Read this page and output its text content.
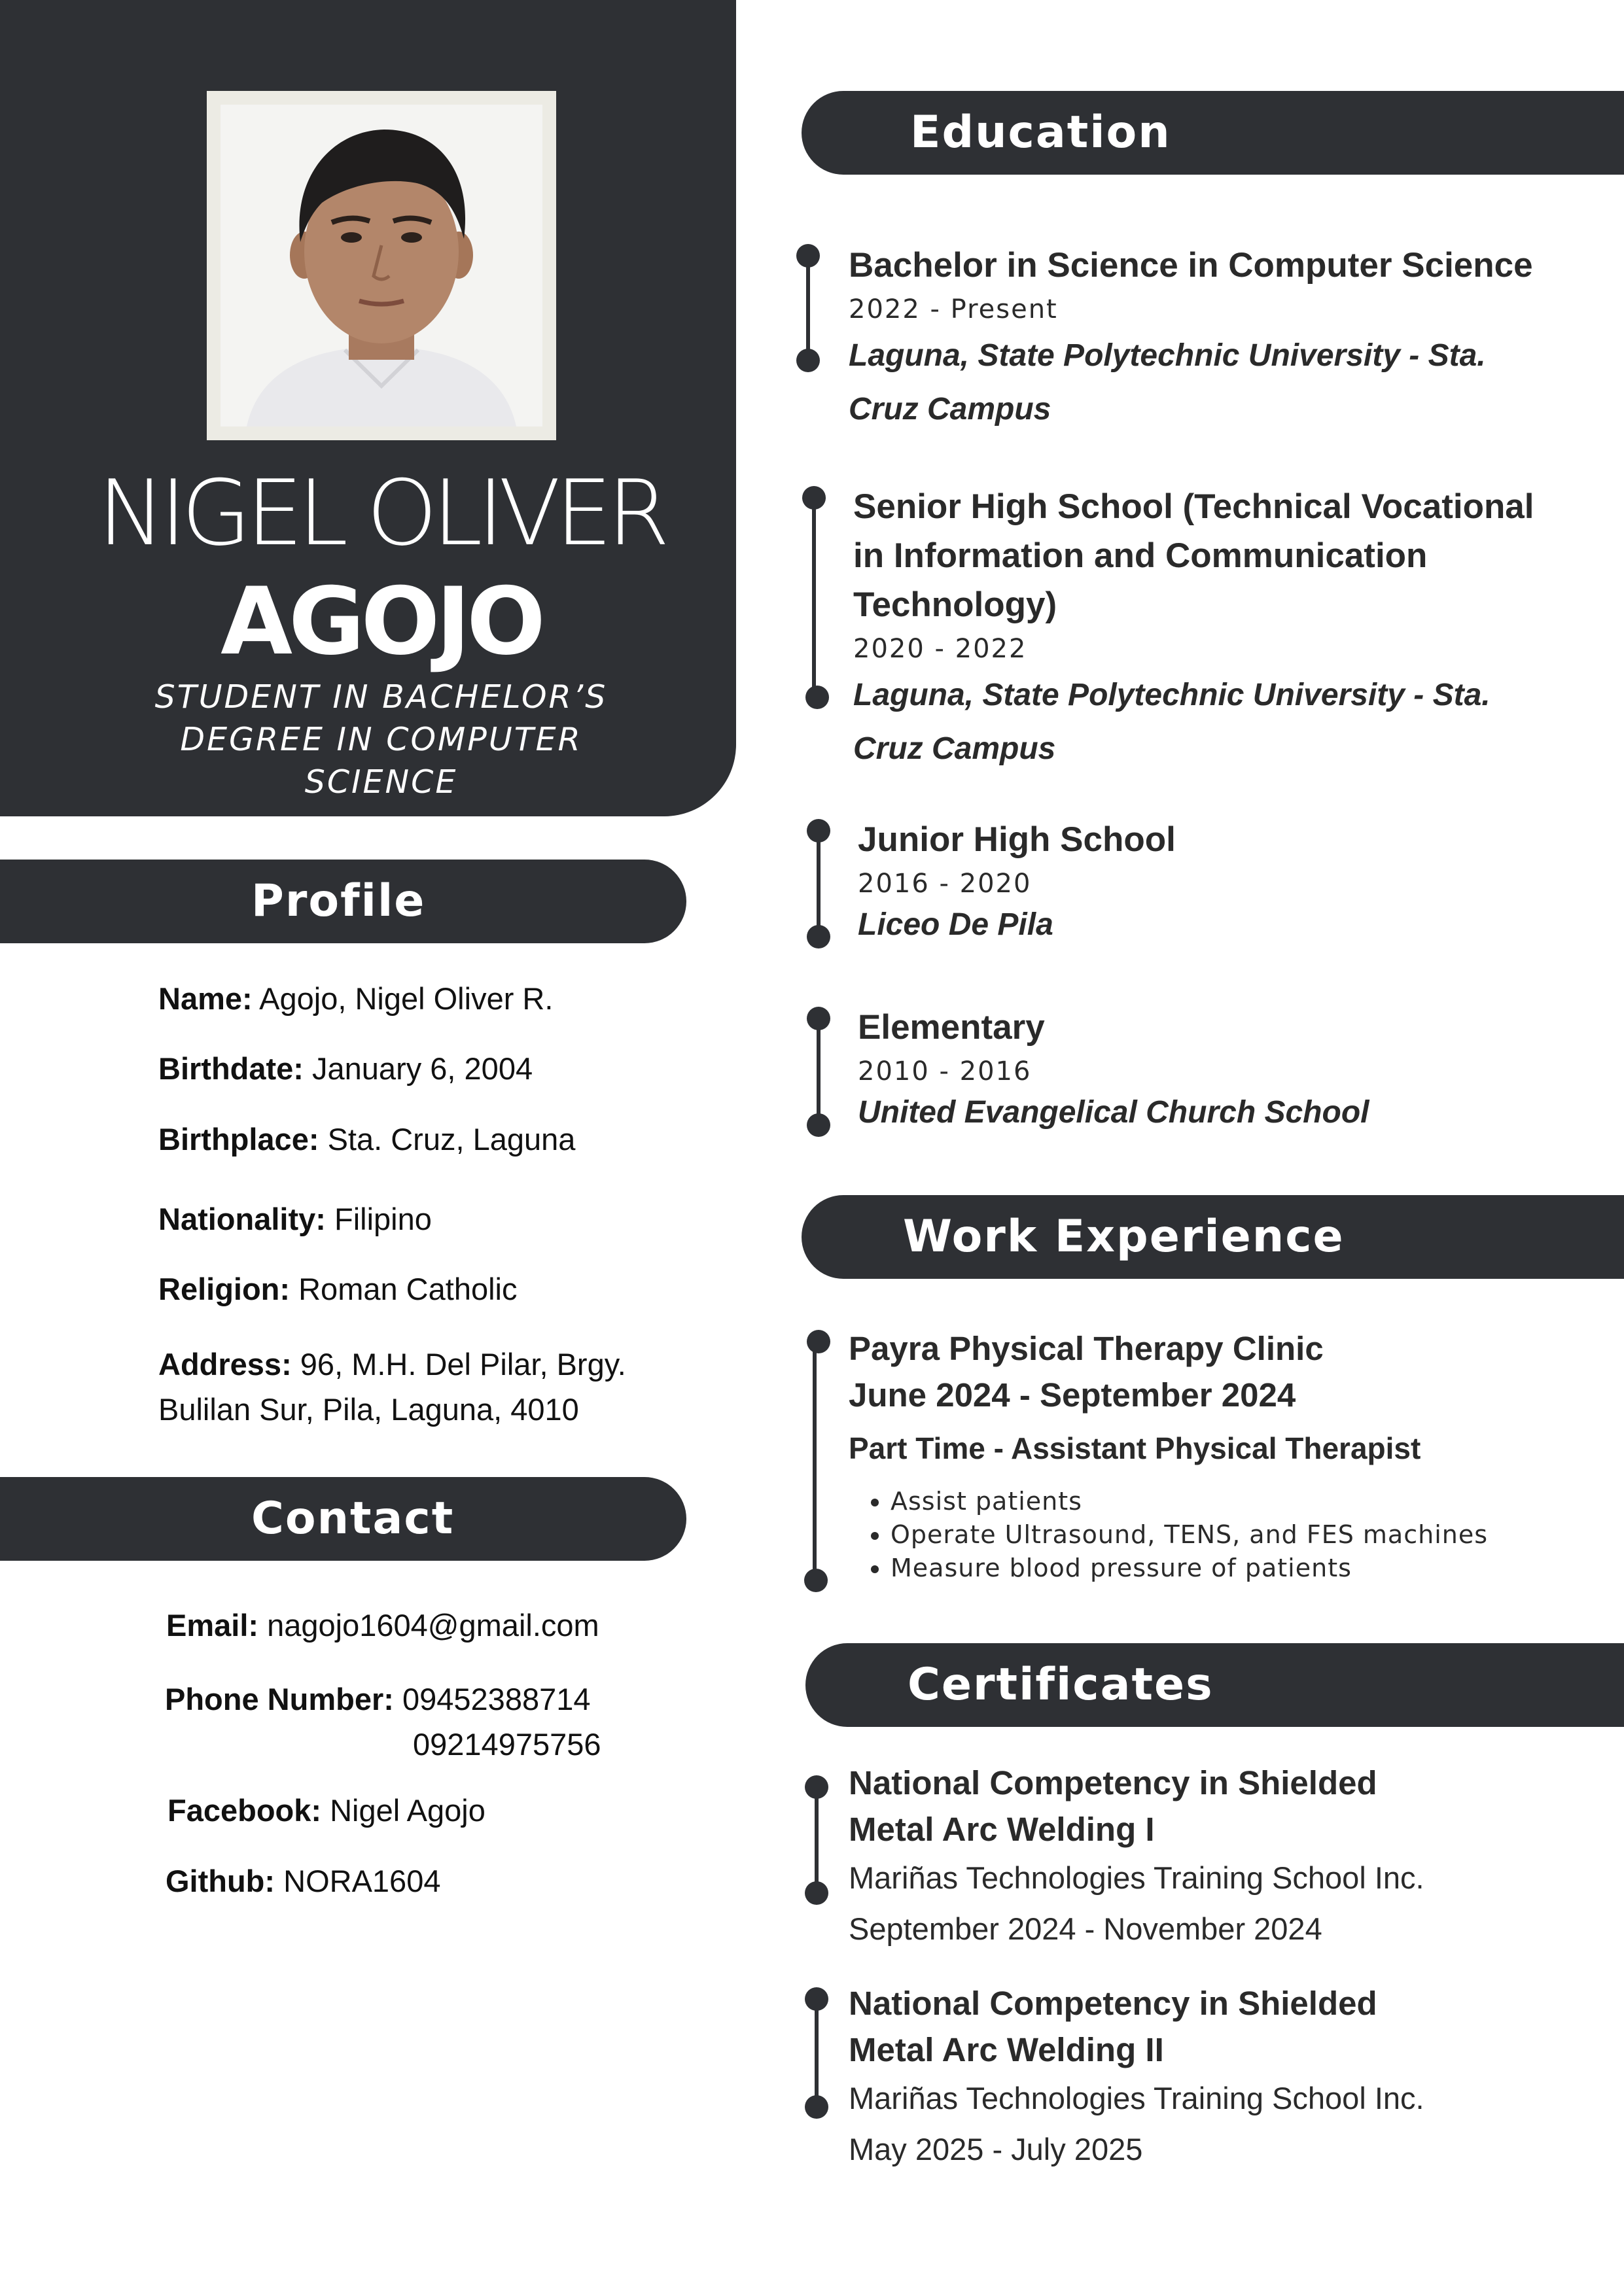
NIGEL OLIVER
AGOJO
STUDENT IN BACHELOR’S
DEGREE IN COMPUTER
SCIENCE
Profile
Name: Agojo, Nigel Oliver R.
Birthdate: January 6, 2004
Birthplace: Sta. Cruz, Laguna
Nationality: Filipino
Religion: Roman Catholic
Address: 96, M.H. Del Pilar, Brgy.
Bulilan Sur, Pila, Laguna, 4010
Contact
Email: nagojo1604@gmail.com
Phone Number: 09452388714
09214975756
Facebook: Nigel Agojo
Github: NORA1604
Education
Bachelor in Science in Computer Science
2022 - Present
Laguna, State Polytechnic University - Sta.
Cruz Campus
Senior High School (Technical Vocational
in Information and Communication
Technology)
2020 - 2022
Laguna, State Polytechnic University - Sta.
Cruz Campus
Junior High School
2016 - 2020
Liceo De Pila
Elementary
2010 - 2016
United Evangelical Church School
Work Experience
Payra Physical Therapy Clinic
June 2024 - September 2024
Part Time - Assistant Physical Therapist
• Assist patients
• Operate Ultrasound, TENS, and FES machines
• Measure blood pressure of patients
Certificates
National Competency in Shielded
Metal Arc Welding I
Mariñas Technologies Training School Inc.
September 2024 - November 2024
National Competency in Shielded
Metal Arc Welding II
Mariñas Technologies Training School Inc.
May 2025 - July 2025
